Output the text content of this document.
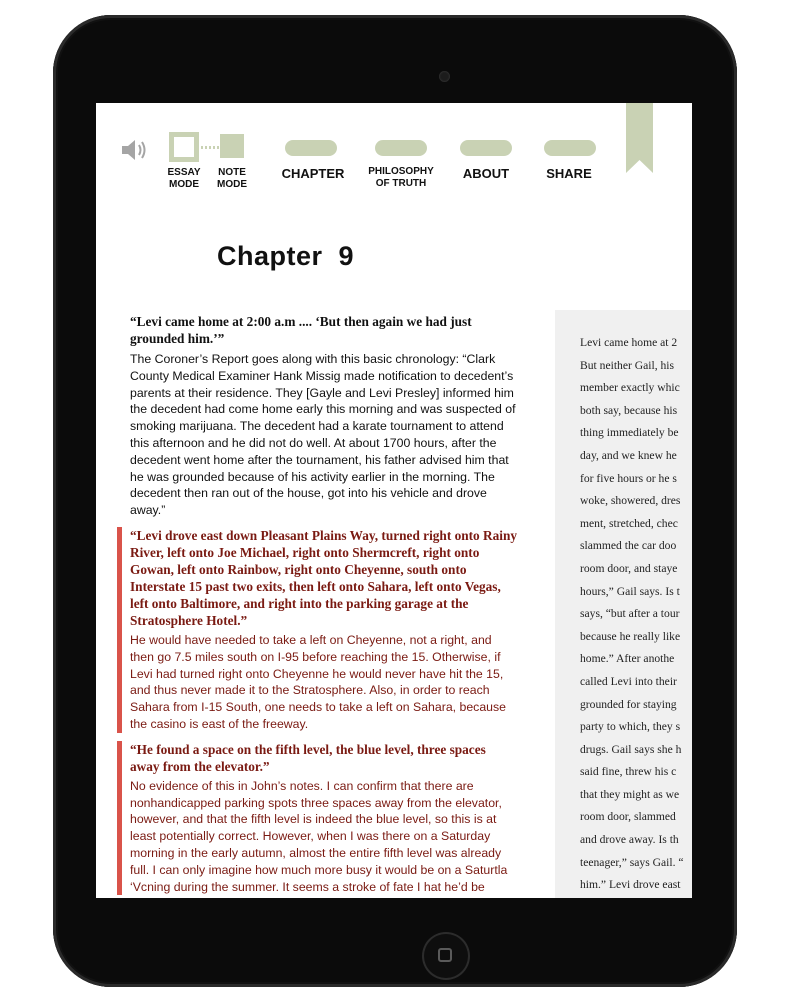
ESSAY
MODE
NOTE
MODE
CHAPTER	PHILOSOPHY
OF TRUTH
ABOUT	SHARE
Chapter  9

“Levi came home at 2:00 a.m .... ‘But then again we had just grounded him.’”

The Coroner’s Report goes along with this basic chronology: “Clark County Medical Examiner Hank Missig made notification to decedent’s parents at their residence. They [Gayle and Levi Presley] informed him the decedent had come home early this morning and was suspected of smoking marijuana. The decedent had a karate tournament to attend this afternoon and he did not do well. At about 1700 hours, after the decedent went home after the tournament, his father advised him that he was grounded because of his activity earlier in the morning. The decedent then ran out of the house, got into his vehicle and drove away.”

“Levi drove east down Pleasant Plains Way, turned right onto Rainy River, left onto Joe Michael, right onto Shermcreft, right onto Gowan, left onto Rainbow, right onto Cheyenne, south onto Interstate 15 past two exits, then left onto Sahara, left onto Vegas, left onto Baltimore, and right into the parking garage at the Stratosphere Hotel.”

He would have needed to take a left on Cheyenne, not a right, and then go 7.5 miles south on I-95 before reaching the 15. Otherwise, if Levi had turned right onto Cheyenne he would never have hit the 15, and thus never made it to the Stratosphere. Also, in order to reach Sahara from I-15 South, one needs to take a left on Sahara, because the casino is east of the freeway.

“He found a space on the fifth level, the blue level, three spaces away from the elevator.”

No evidence of this in John’s notes. I can confirm that there are nonhandicapped parking spots three spaces away from the elevator, however, and that the fifth level is indeed the blue level, so this is at least potentially correct. However, when I was there on a Saturday morning in the early autumn, almost the entire fifth level was already full. I can only imagine how much more busy it would be on a Saturtla ‘Vcning during the summer. It seems a stroke of fate I hat he’d be

Levi came home at 2
But neither Gail, his
member exactly whic
both say, because his
thing immediately be
day, and we knew he
for five hours or he s
woke, showered, dres
ment, stretched, chec
slammed the car doo
room door, and staye
hours,” Gail says. Is t
says, “but after a tour
because he really like
home.” After anothe
called Levi into their
grounded for staying
party to which, they s
drugs. Gail says she h
said fine, threw his c
that they might as we
room door, slammed
and drove away. Is th
teenager,” says Gail. “
him.” Levi drove east
